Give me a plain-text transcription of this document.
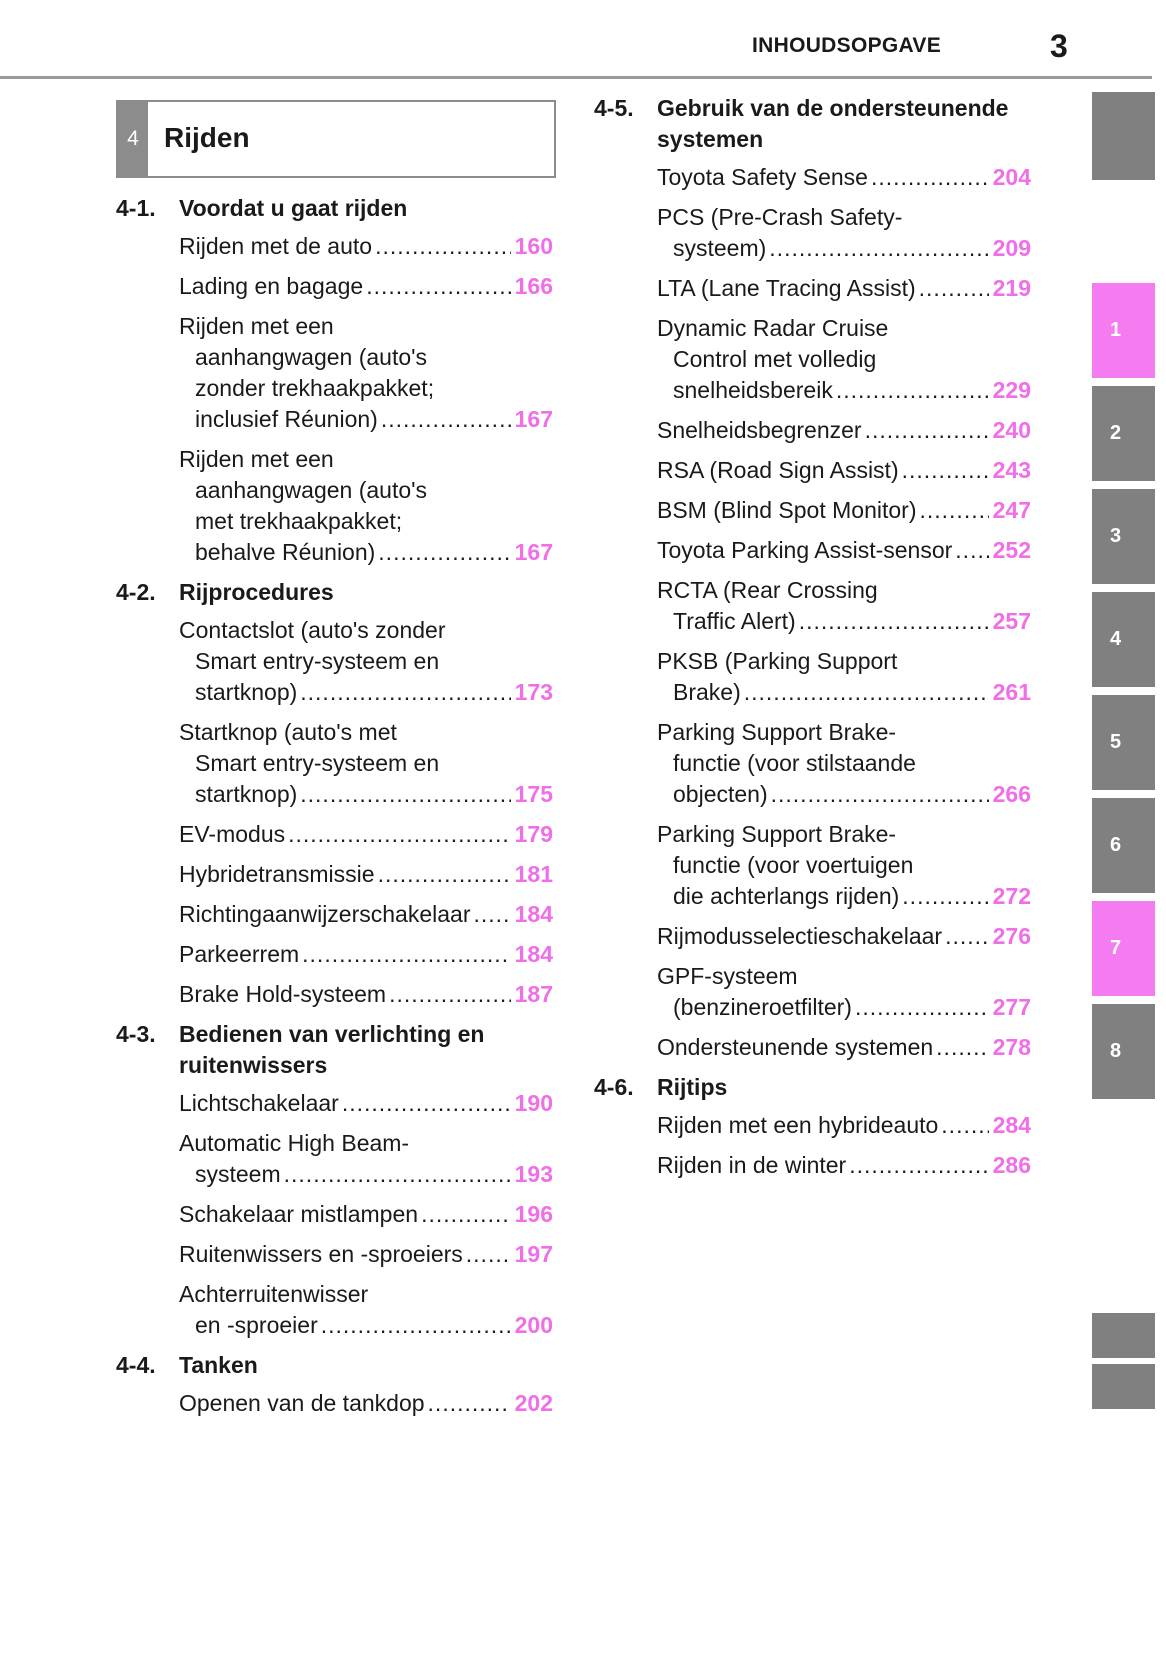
INHOUDSOPGAVE	3
4 Rijden
4-1. Voordat u gaat rijden
Rijden met de auto .....	160
Lading en bagage .....	166
Rijden met een
aanhangwagen (auto's
zonder trekhaakpakket;
inclusief Réunion) .....	167
Rijden met een
aanhangwagen (auto's
met trekhaakpakket;
behalve Réunion) .....	167
4-2. Rijprocedures
Contactslot (auto's zonder
Smart entry-systeem en
startknop) .....	173
Startknop (auto's met
Smart entry-systeem en
startknop) .....	175
EV-modus .....	179
Hybridetransmissie .....	181
Richtingaanwijzerschakelaar ..... 184
Parkeerrem .....	184
Brake Hold-systeem .....	187
4-3. Bedienen van verlichting en ruitenwissers
Lichtschakelaar .....	190
Automatic High Beam-
systeem .....	193
Schakelaar mistlampen .....	196
Ruitenwissers en -sproeiers ..... 197
Achterruitenwisser
en -sproeier .....	200
4-4. Tanken
Openen van de tankdop .....	202
4-5. Gebruik van de ondersteunende systemen
Toyota Safety Sense .....	204
PCS (Pre-Crash Safety-
systeem) .....	209
LTA (Lane Tracing Assist) .....	219
Dynamic Radar Cruise
Control met volledig
snelheidsbereik .....	229
Snelheidsbegrenzer .....	240
RSA (Road Sign Assist) .....	243
BSM (Blind Spot Monitor) .....	247
Toyota Parking Assist-sensor ..... 252
RCTA (Rear Crossing
Traffic Alert) .....	257
PKSB (Parking Support
Brake) .....	261
Parking Support Brake-
functie (voor stilstaande
objecten) .....	266
Parking Support Brake-
functie (voor voertuigen
die achterlangs rijden) .....	272
Rijmodusselectieschakelaar ..... 276
GPF-systeem
(benzineroetfilter) .....	277
Ondersteunende systemen .....	278
4-6. Rijtips
Rijden met een hybrideauto ..... 284
Rijden in de winter .....	286
1
2
3
4
5
6
7
8
